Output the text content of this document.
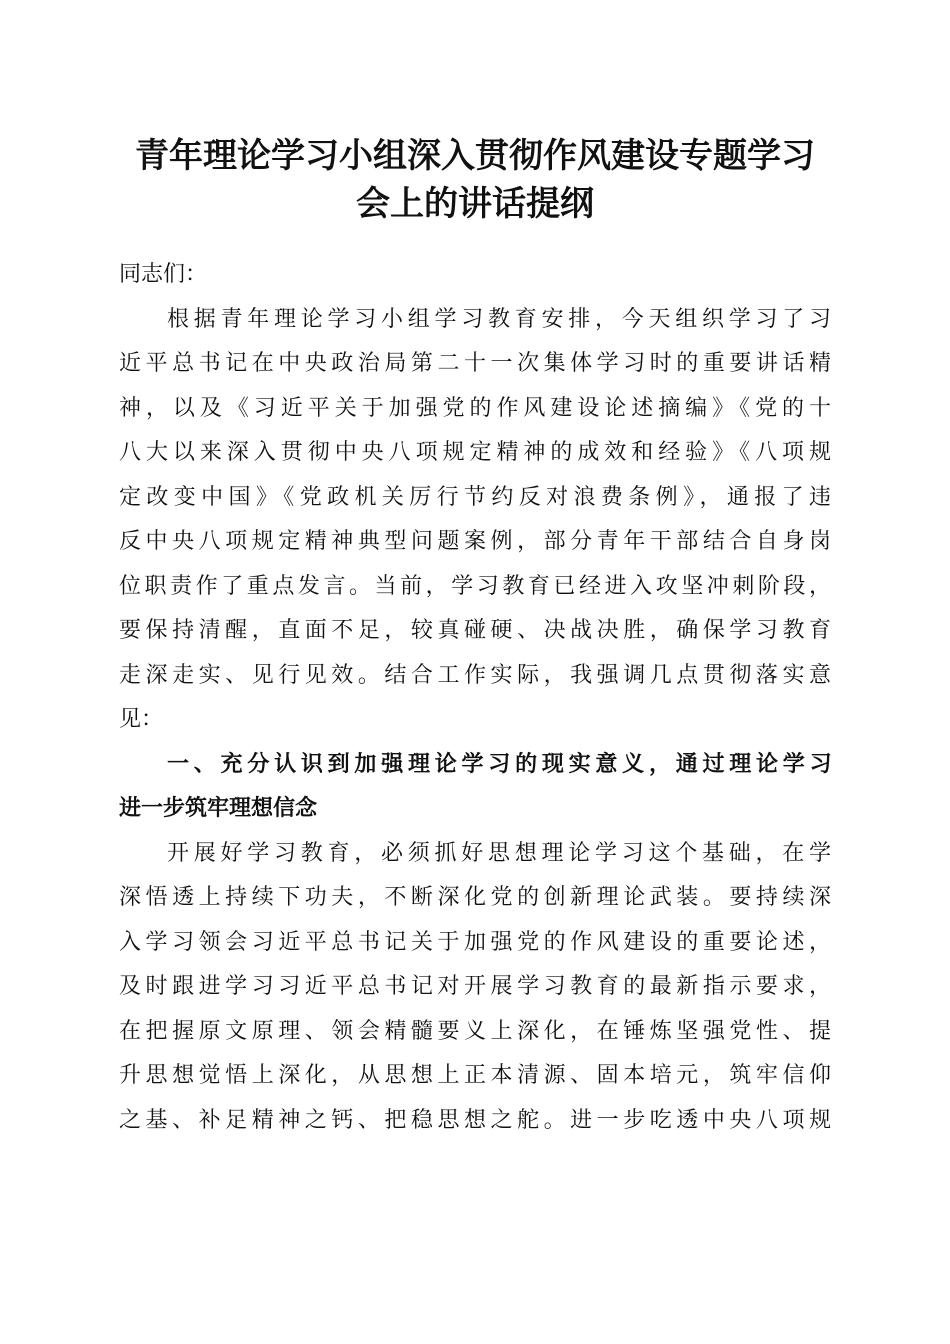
青年理论学习小组深入贯彻作风建设专题学习
会上的讲话提纲
同志们：
根据青年理论学习小组学习教育安排，今天组织学习了习
近平总书记在中央政治局第二十一次集体学习时的重要讲话精
神，以及《习近平关于加强党的作风建设论述摘编》《党的十
八大以来深入贯彻中央八项规定精神的成效和经验》《八项规
定改变中国》《党政机关厉行节约反对浪费条例》，通报了违
反中央八项规定精神典型问题案例，部分青年干部结合自身岗
位职责作了重点发言。当前，学习教育已经进入攻坚冲刺阶段，
要保持清醒，直面不足，较真碰硬、决战决胜，确保学习教育
走深走实、见行见效。结合工作实际，我强调几点贯彻落实意
见：
一、充分认识到加强理论学习的现实意义，通过理论学习
进一步筑牢理想信念
开展好学习教育，必须抓好思想理论学习这个基础，在学
深悟透上持续下功夫，不断深化党的创新理论武装。要持续深
入学习领会习近平总书记关于加强党的作风建设的重要论述，
及时跟进学习习近平总书记对开展学习教育的最新指示要求，
在把握原文原理、领会精髓要义上深化，在锤炼坚强党性、提
升思想觉悟上深化，从思想上正本清源、固本培元，筑牢信仰
之基、补足精神之钙、把稳思想之舵。进一步吃透中央八项规
